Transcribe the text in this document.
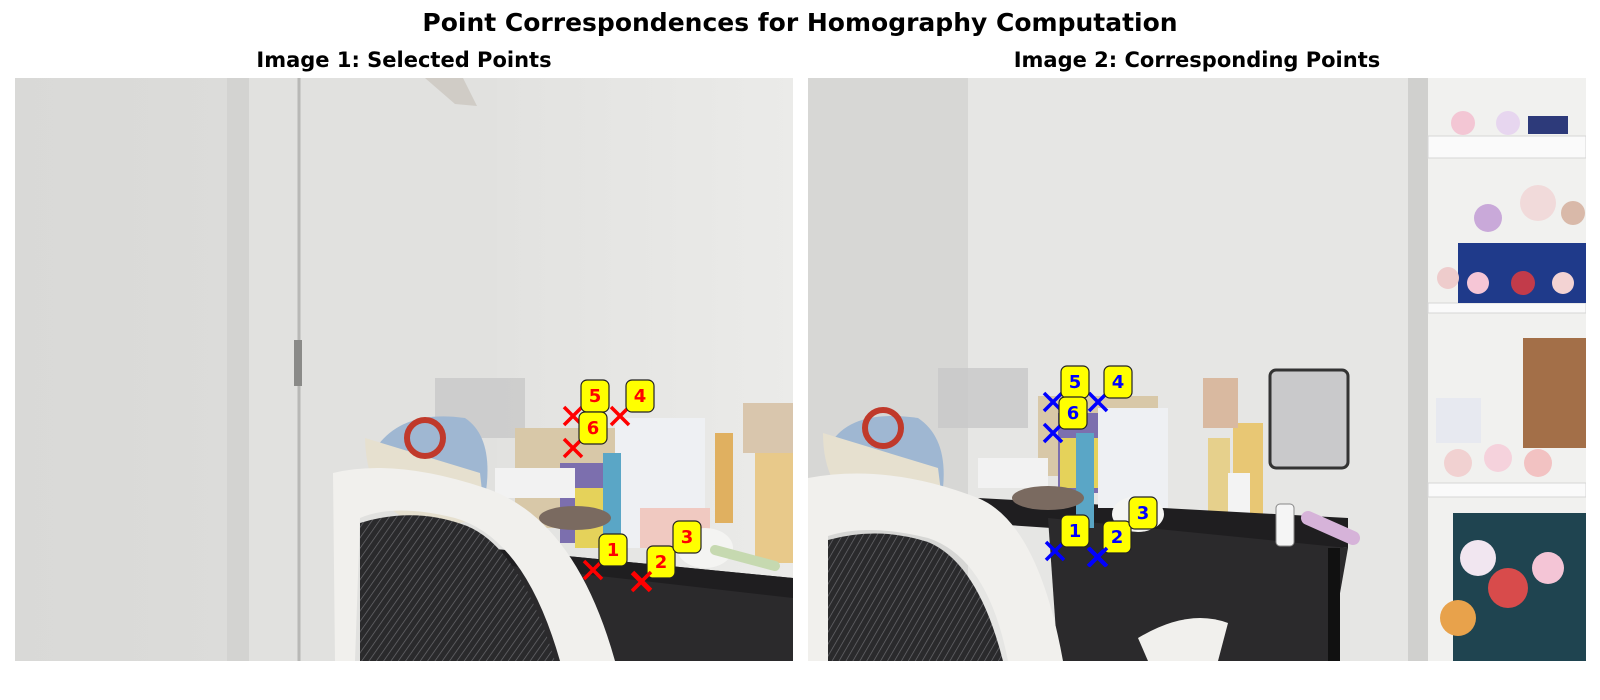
Point Correspondences for Homography Computation
Image 1: Selected Points	Image 2: Corresponding Points
1
2
3
4
5
6
1 2
3
4
5
6
